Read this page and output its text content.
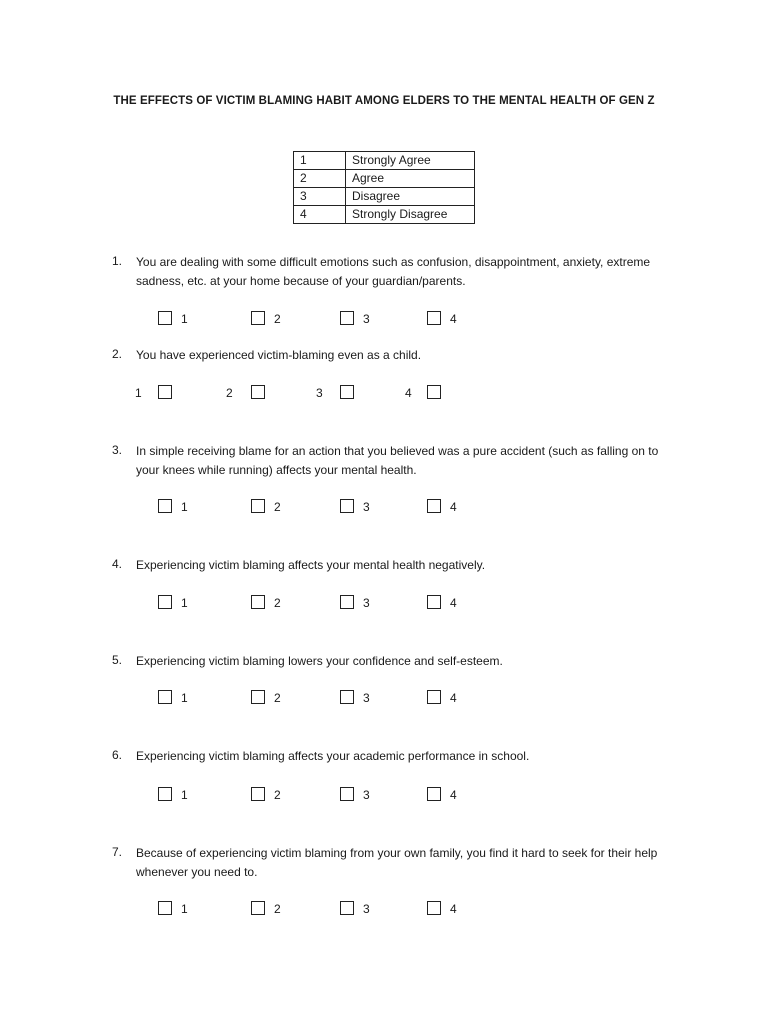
THE EFFECTS OF VICTIM BLAMING HABIT AMONG ELDERS TO THE MENTAL HEALTH OF GEN Z
1	Strongly Agree
2	Agree
3	Disagree
4	Strongly Disagree
1. You are dealing with some difficult emotions such as confusion, disappointment, anxiety, extreme sadness, etc. at your home because of your guardian/parents.
1	2	3	4
2. You have experienced victim-blaming even as a child.
1	2	3	4
3. In simple receiving blame for an action that you believed was a pure accident (such as falling on to your knees while running) affects your mental health.
1	2	3	4
4. Experiencing victim blaming affects your mental health negatively.
1	2	3	4
5. Experiencing victim blaming lowers your confidence and self-esteem.
1	2	3	4
6. Experiencing victim blaming affects your academic performance in school.
1	2	3	4
7. Because of experiencing victim blaming from your own family, you find it hard to seek for their help whenever you need to.
1	2	3	4
